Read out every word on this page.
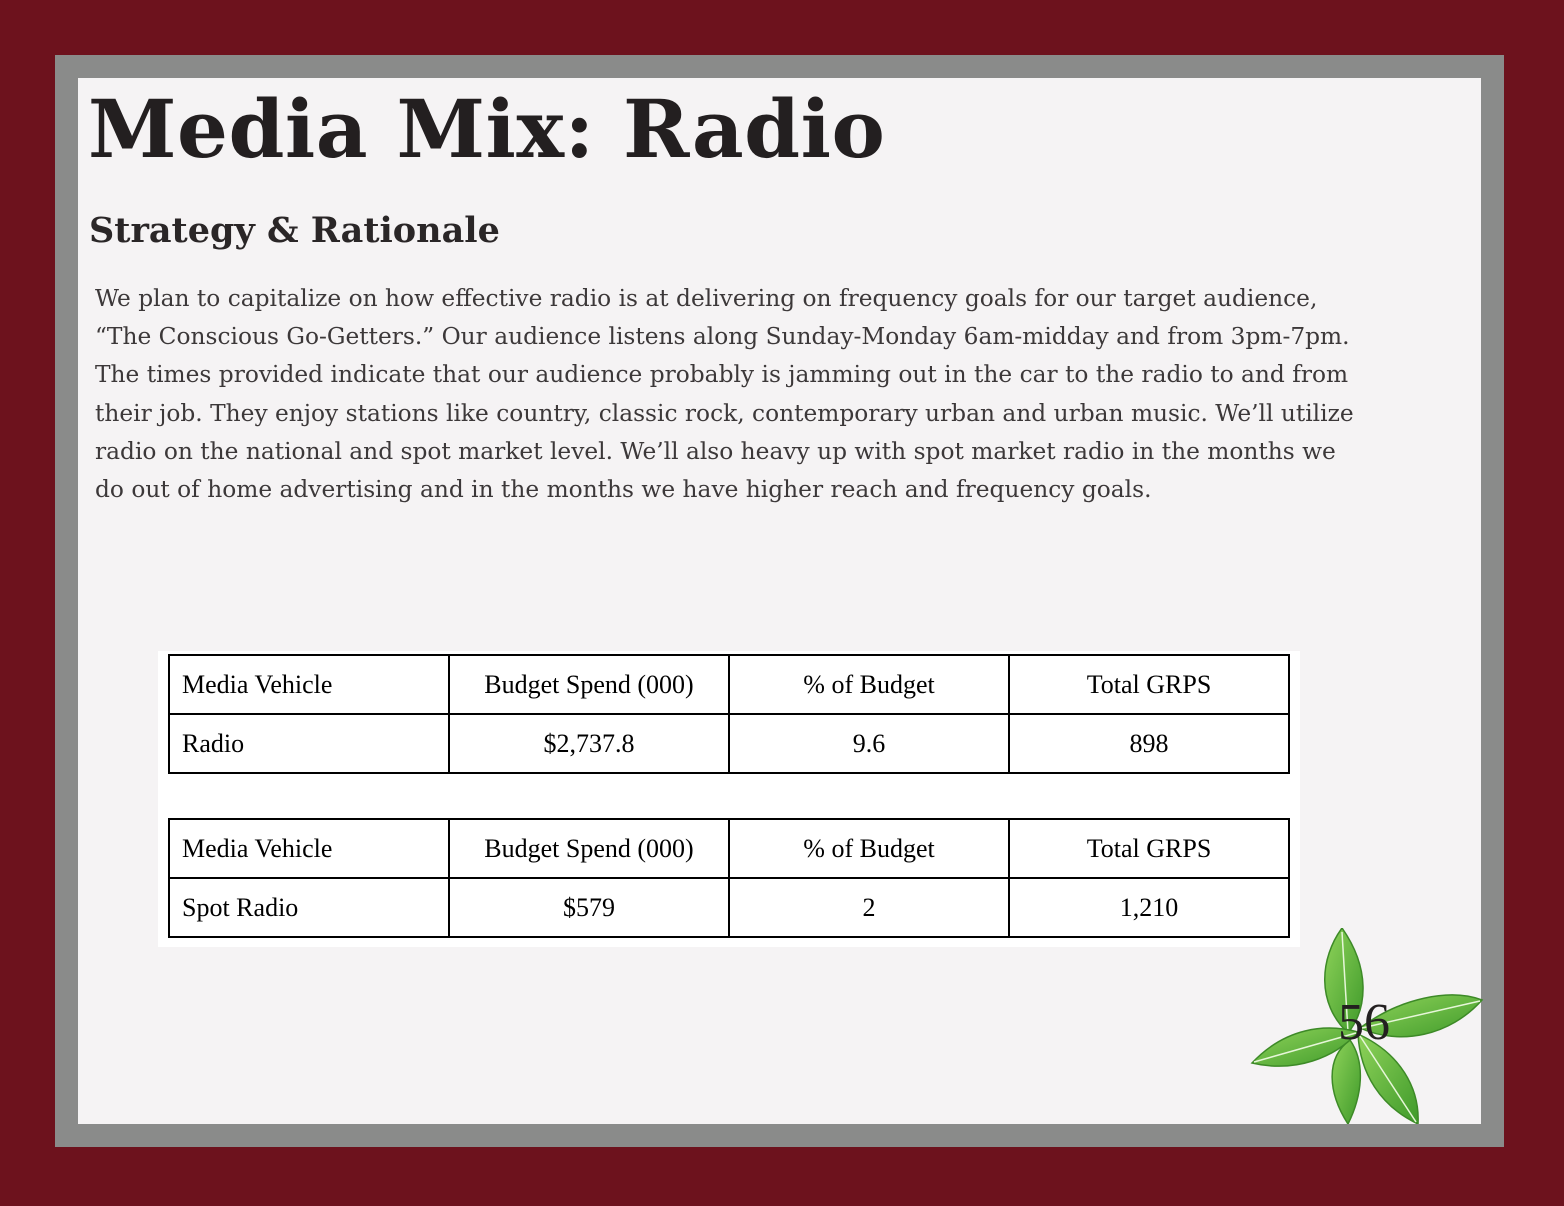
Media Mix: Radio
Strategy & Rationale

We plan to capitalize on how effective radio is at delivering on frequency goals for our target audience, “The Conscious Go-Getters.” Our audience listens along Sunday-Monday 6am-midday and from 3pm-7pm. The times provided indicate that our audience probably is jamming out in the car to the radio to and from their job. They enjoy stations like country, classic rock, contemporary urban and urban music. We’ll utilize radio on the national and spot market level. We’ll also heavy up with spot market radio in the months we do out of home advertising and in the months we have higher reach and frequency goals.

Media Vehicle	Budget Spend (000)	% of Budget	Total GRPS
Radio	$2,737.8	9.6	898
Media Vehicle	Budget Spend (000)	% of Budget	Total GRPS
Spot Radio	$579	2	1,210
56
